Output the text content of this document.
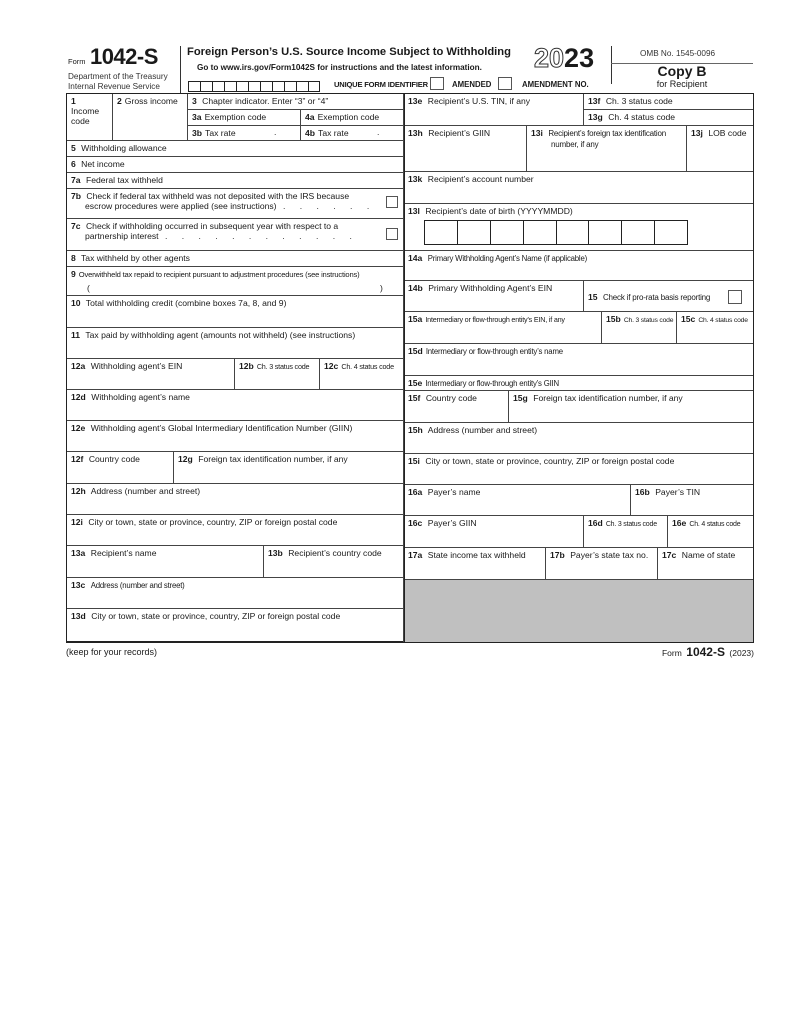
Form 1042-S
Department of the Treasury
Internal Revenue Service
Foreign Person’s U.S. Source Income Subject to Withholding
Go to www.irs.gov/Form1042S for instructions and the latest information.
UNIQUE FORM IDENTIFIER	AMENDED	AMENDMENT NO.
2023	OMB No. 1545-0096
Copy B
for Recipient
1Income code
2 Gross income	3 Chapter indicator. Enter “3” or “4”
3a Exemption code	4a Exemption code
3b Tax rate	.	4b Tax rate	.
5 Withholding allowance
6 Net income
7a Federal tax withheld
7b Check if federal tax withheld was not deposited with the IRS because
escrow procedures were applied (see instructions) . . . . . .
7c Check if withholding occurred in subsequent year with respect to a
partnership interest . . . . . . . . . . . .
8 Tax withheld by other agents
9 Overwithheld tax repaid to recipient pursuant to adjustment procedures (see instructions)
(	)
10 Total withholding credit (combine boxes 7a, 8, and 9)
11 Tax paid by withholding agent (amounts not withheld) (see instructions)
12a Withholding agent’s EIN	12b Ch. 3 status code	12c Ch. 4 status code
12d Withholding agent’s name
12e Withholding agent’s Global Intermediary Identification Number (GIIN)
12f Country code	12g Foreign tax identification number, if any
12h Address (number and street)
12i City or town, state or province, country, ZIP or foreign postal code
13a Recipient’s name	13b Recipient’s country code
13c Address (number and street)
13d City or town, state or province, country, ZIP or foreign postal code
13e Recipient’s U.S. TIN, if any	13f Ch. 3 status code
13g Ch. 4 status code
13h Recipient’s GIIN	13i Recipient’s foreign tax identification
number, if any
13j LOB code
13k Recipient’s account number
13l Recipient’s date of birth (YYYYMMDD)
14a Primary Withholding Agent’s Name (if applicable)
14b Primary Withholding Agent’s EIN
15 Check if pro-rata basis reporting
15a Intermediary or flow-through entity’s EIN, if any	15b Ch. 3 status code 15c Ch. 4 status code
15d Intermediary or flow-through entity’s name
15e Intermediary or flow-through entity’s GIIN
15f Country code	15g Foreign tax identification number, if any
15h Address (number and street)
15i City or town, state or province, country, ZIP or foreign postal code
16a Payer’s name	16b Payer’s TIN
16c Payer’s GIIN	16d Ch. 3 status code	16e Ch. 4 status code
17a State income tax withheld	17b Payer’s state tax no.	17c Name of state
(keep for your records)	Form 1042-S (2023)
